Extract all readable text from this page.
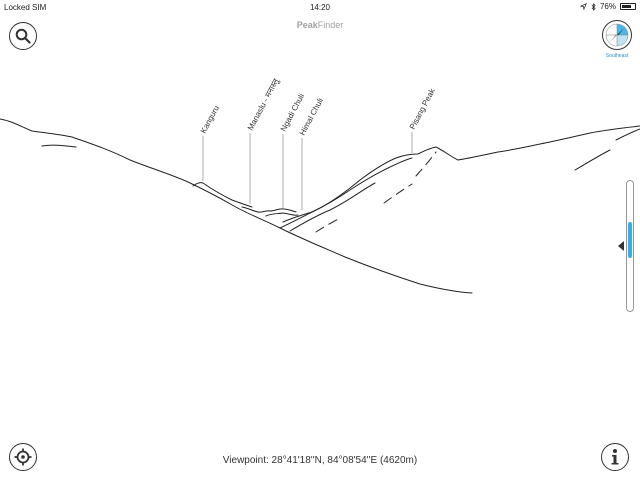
Locked SIM	14:20	76%
PeakFinder
Southeast
Kanguru	Manaslu - मनास्लु
Ngadi Chuli
Himal Chuli	Pisang Peak
Viewpoint: 28°41'18''N, 84°08'54''E (4620m)
